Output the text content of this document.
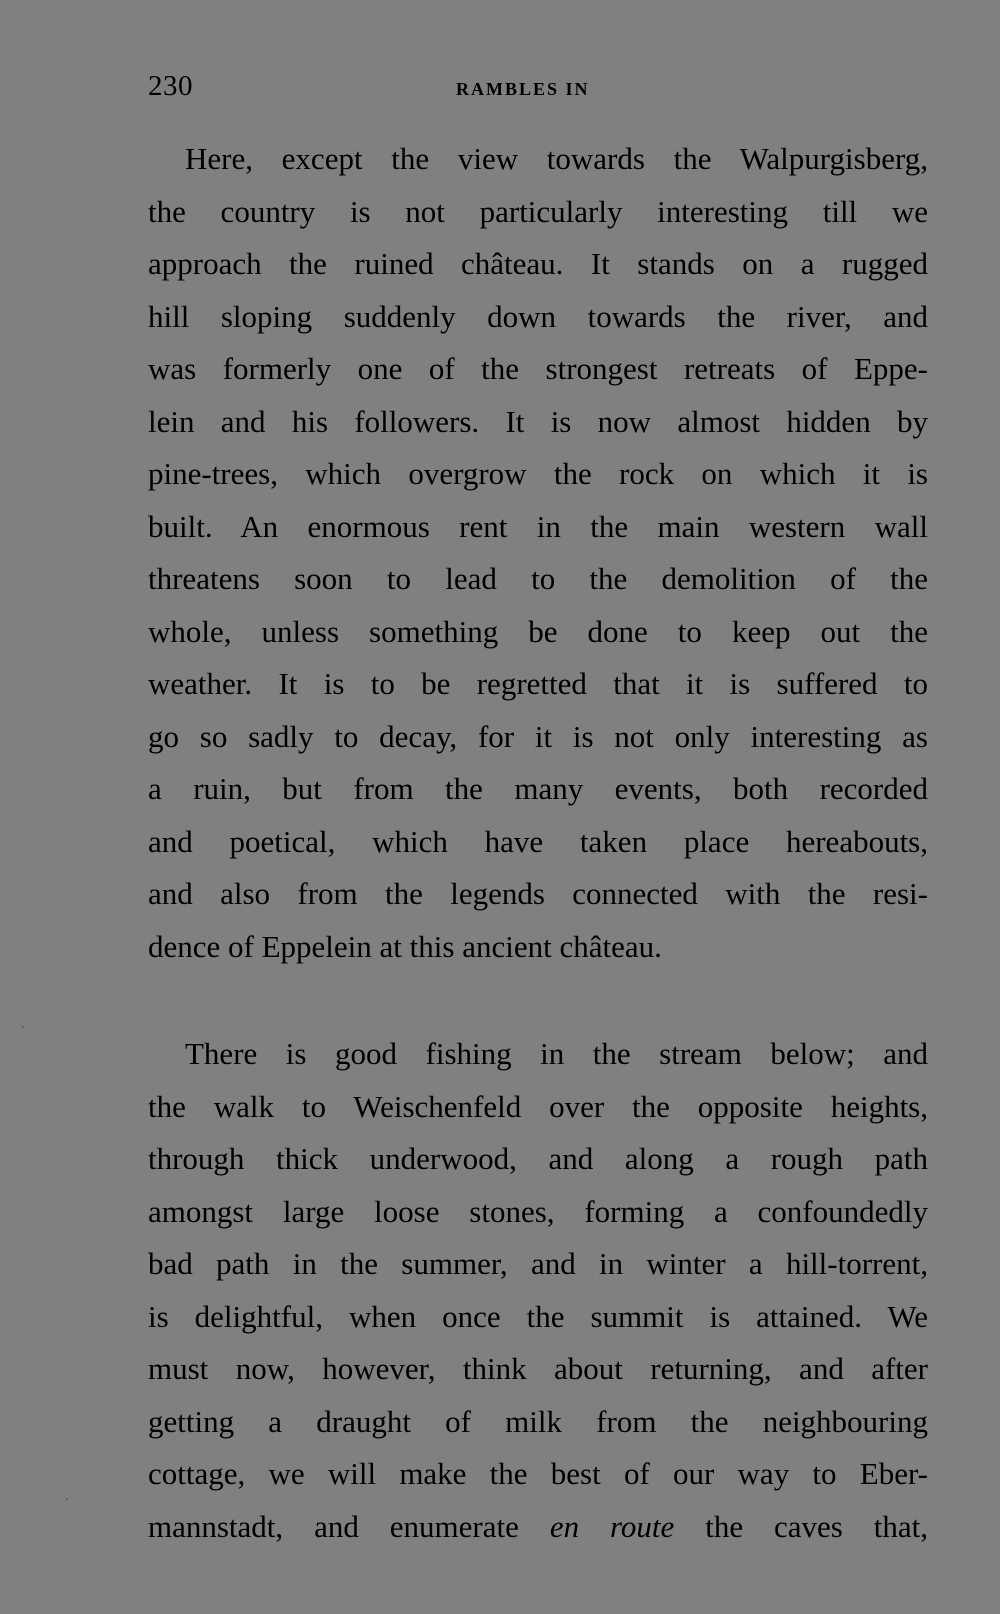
230	RAMBLES IN
Here, except the view towards the Walpurgisberg,
the country is not particularly interesting till we
approach the ruined château. It stands on a rugged
hill sloping suddenly down towards the river, and
was formerly one of the strongest retreats of Eppe-
lein and his followers. It is now almost hidden by
pine-trees, which overgrow the rock on which it is
built. An enormous rent in the main western wall
threatens soon to lead to the demolition of the
whole, unless something be done to keep out the
weather. It is to be regretted that it is suffered to
go so sadly to decay, for it is not only interesting as
a ruin, but from the many events, both recorded
and poetical, which have taken place hereabouts,
and also from the legends connected with the resi-
dence of Eppelein at this ancient château.
There is good fishing in the stream below; and
the walk to Weischenfeld over the opposite heights,
through thick underwood, and along a rough path
amongst large loose stones, forming a confoundedly
bad path in the summer, and in winter a hill-torrent,
is delightful, when once the summit is attained. We
must now, however, think about returning, and after
getting a draught of milk from the neighbouring
cottage, we will make the best of our way to Eber-
mannstadt, and enumerate en route the caves that,
